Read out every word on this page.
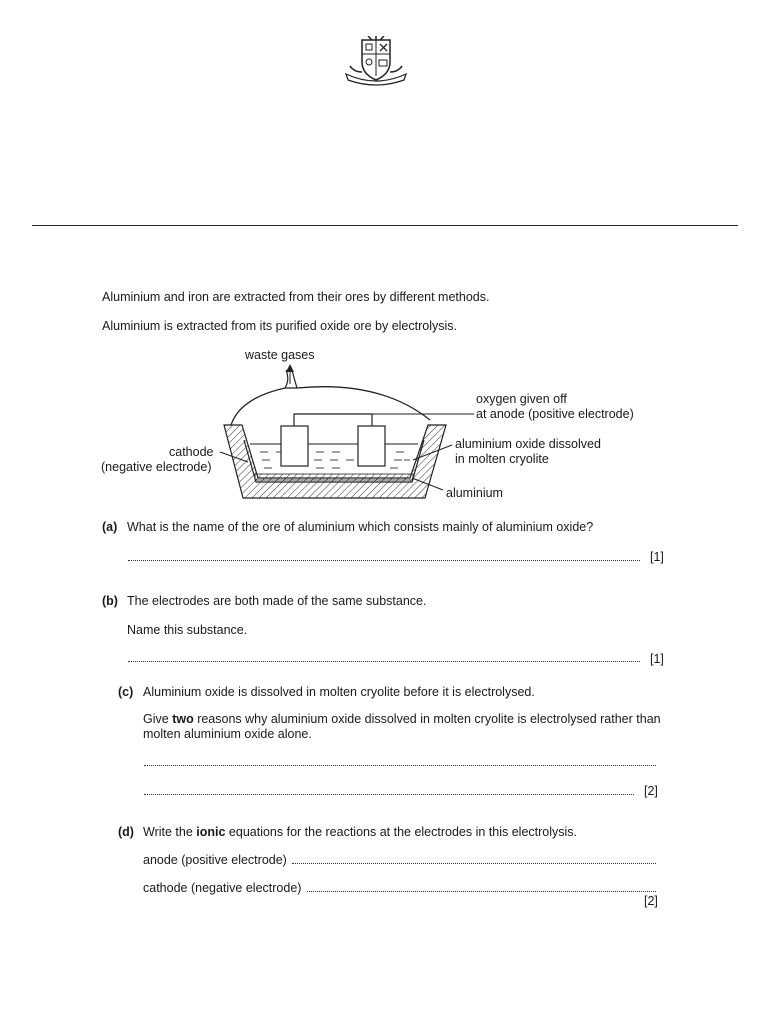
Aluminium and iron are extracted from their ores by different methods.
Aluminium is extracted from its purified oxide ore by electrolysis.
waste gases
oxygen given off
at anode (positive electrode)
aluminium oxide dissolved
in molten cryolite
cathode
(negative electrode)
aluminium
(a) What is the name of the ore of aluminium which consists mainly of aluminium oxide?
[1]
(b) The electrodes are both made of the same substance.
Name this substance.
[1]
(c) Aluminium oxide is dissolved in molten cryolite before it is electrolysed.
Give two reasons why aluminium oxide dissolved in molten cryolite is electrolysed rather than
molten aluminium oxide alone.
[2]
(d) Write the ionic equations for the reactions at the electrodes in this electrolysis.
anode (positive electrode)
cathode (negative electrode)
[2]
